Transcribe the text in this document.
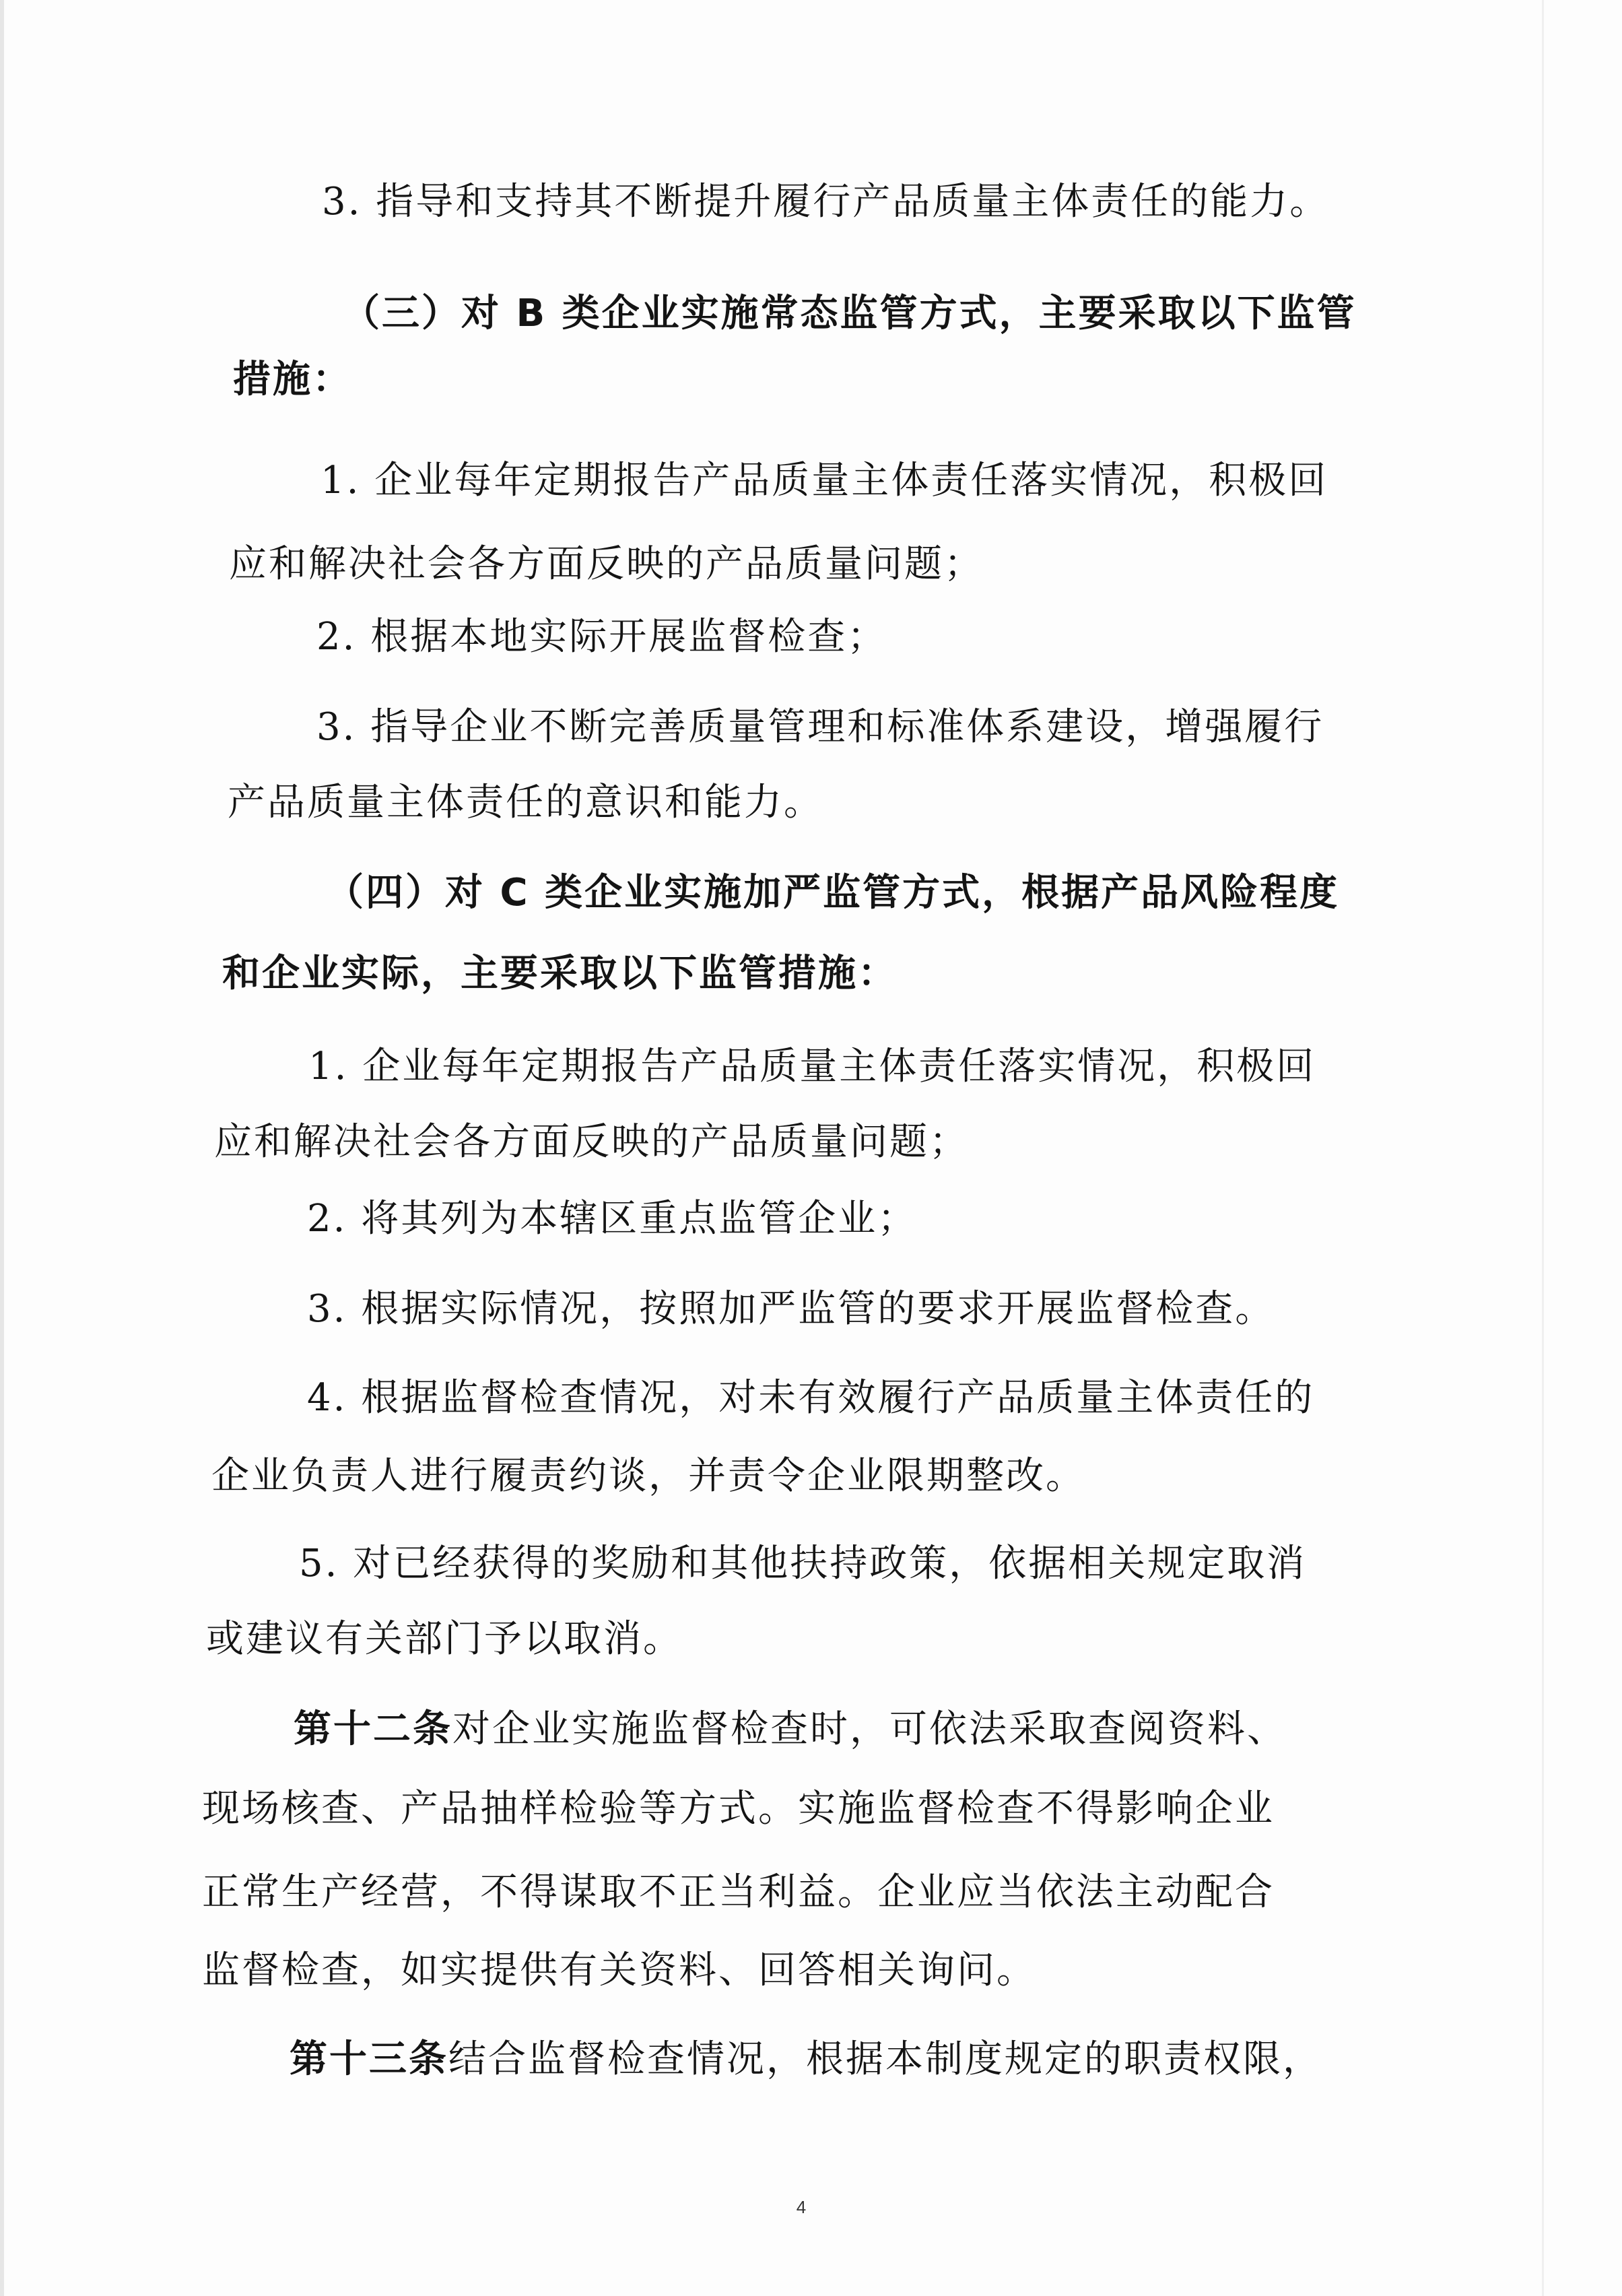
3. 指导和支持其不断提升履行产品质量主体责任的能力。
（三）对 B 类企业实施常态监管方式，主要采取以下监管
措施：
1. 企业每年定期报告产品质量主体责任落实情况，积极回
应和解决社会各方面反映的产品质量问题；
2. 根据本地实际开展监督检查；
3. 指导企业不断完善质量管理和标准体系建设，增强履行
产品质量主体责任的意识和能力。
（四）对 C 类企业实施加严监管方式，根据产品风险程度
和企业实际，主要采取以下监管措施：
1. 企业每年定期报告产品质量主体责任落实情况，积极回
应和解决社会各方面反映的产品质量问题；
2. 将其列为本辖区重点监管企业；
3. 根据实际情况，按照加严监管的要求开展监督检查。
4. 根据监督检查情况，对未有效履行产品质量主体责任的
企业负责人进行履责约谈，并责令企业限期整改。
5. 对已经获得的奖励和其他扶持政策，依据相关规定取消
或建议有关部门予以取消。
第十二条对企业实施监督检查时，可依法采取查阅资料、
现场核查、产品抽样检验等方式。实施监督检查不得影响企业
正常生产经营，不得谋取不正当利益。企业应当依法主动配合
监督检查，如实提供有关资料、回答相关询问。
第十三条结合监督检查情况，根据本制度规定的职责权限，
4
